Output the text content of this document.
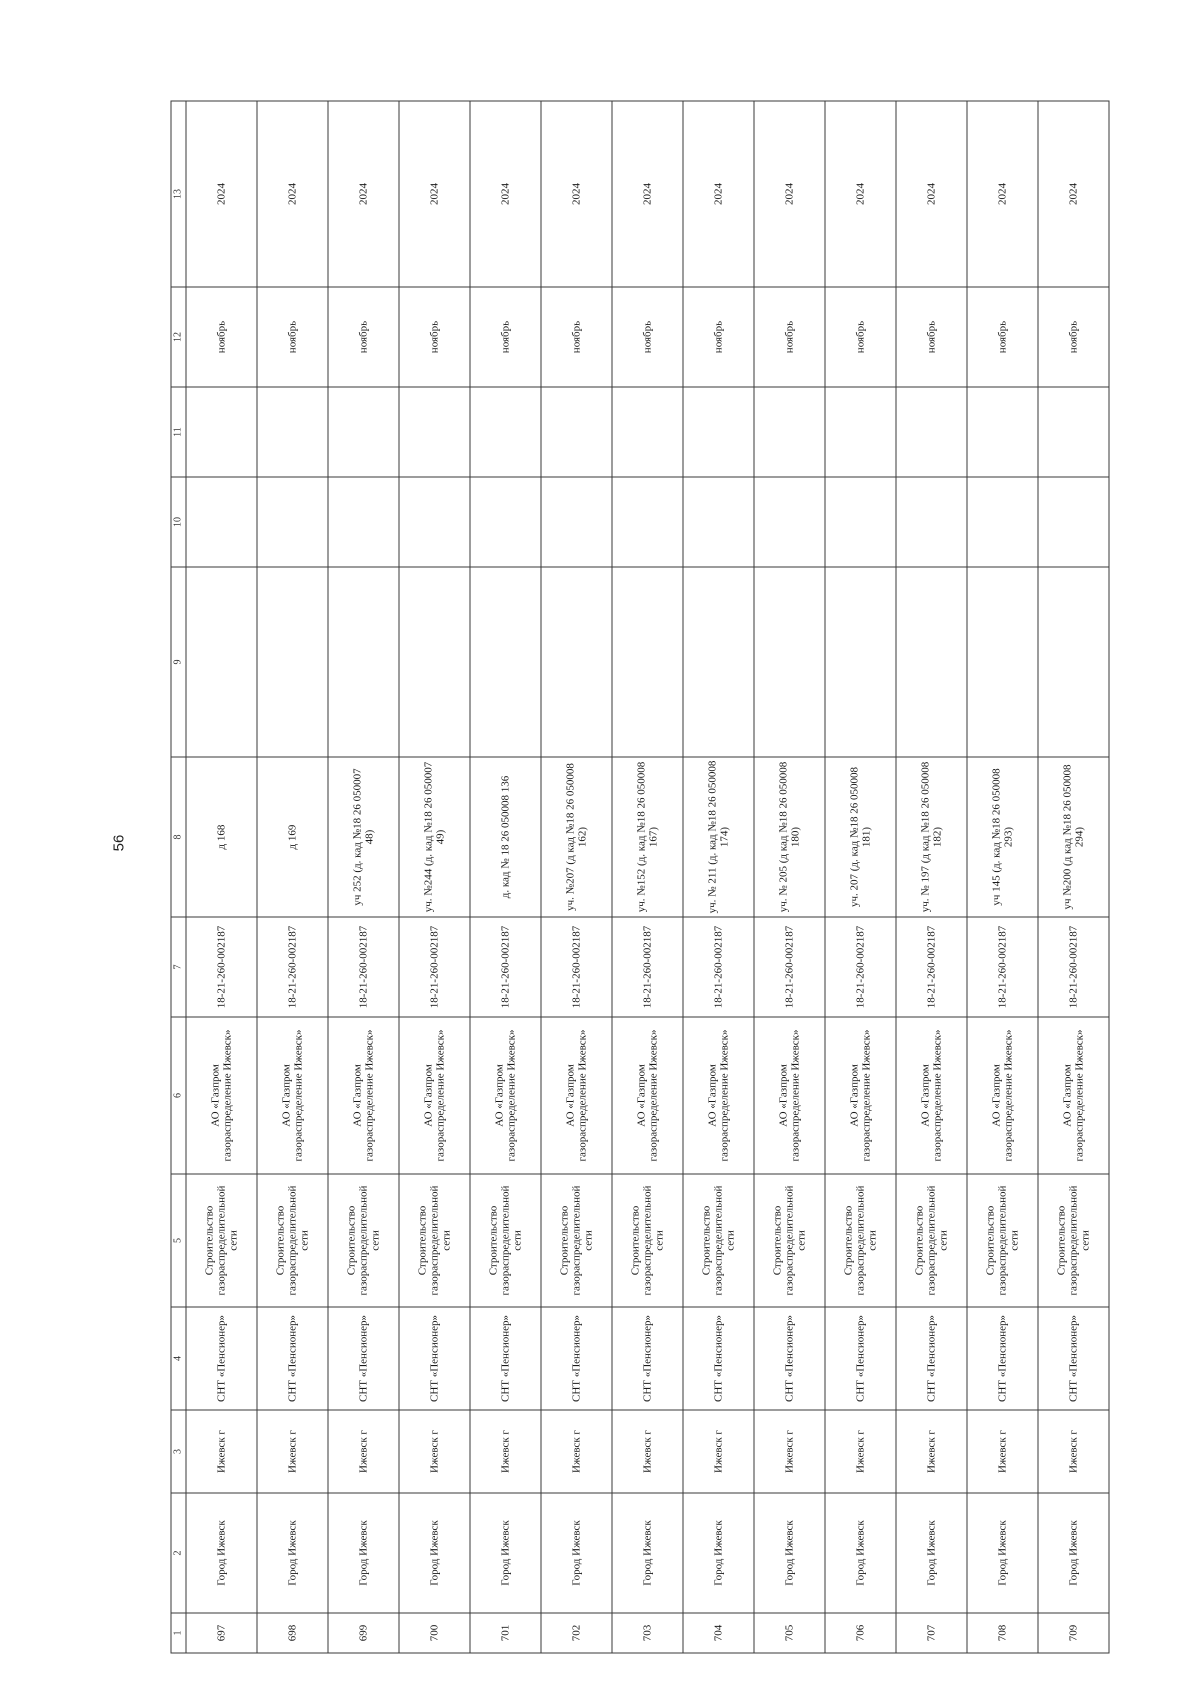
56
1	2	3	4	5	6	7	8	9	10	11	12	13
697	Город Ижевск	Ижевск г	СНТ «Пенсионер»	Строительство газораспределительной сети	АО «Газпром газораспределение Ижевск»	18-21-260-002187	д 168				ноябрь	2024
698	Город Ижевск	Ижевск г	СНТ «Пенсионер»	Строительство газораспределительной сети	АО «Газпром газораспределение Ижевск»	18-21-260-002187	д 169				ноябрь	2024
699	Город Ижевск	Ижевск г	СНТ «Пенсионер»	Строительство газораспределительной сети	АО «Газпром газораспределение Ижевск»	18-21-260-002187	уч 252 (д. кад №18 26 050007 48)				ноябрь	2024
700	Город Ижевск	Ижевск г	СНТ «Пенсионер»	Строительство газораспределительной сети	АО «Газпром газораспределение Ижевск»	18-21-260-002187	уч. №244 (д. кад №18 26 050007 49)				ноябрь	2024
701	Город Ижевск	Ижевск г	СНТ «Пенсионер»	Строительство газораспределительной сети	АО «Газпром газораспределение Ижевск»	18-21-260-002187	д. кад № 18 26 050008 136				ноябрь	2024
702	Город Ижевск	Ижевск г	СНТ «Пенсионер»	Строительство газораспределительной сети	АО «Газпром газораспределение Ижевск»	18-21-260-002187	уч. №207 (д кад №18 26 050008 162)				ноябрь	2024
703	Город Ижевск	Ижевск г	СНТ «Пенсионер»	Строительство газораспределительной сети	АО «Газпром газораспределение Ижевск»	18-21-260-002187	уч. №152 (д. кад №18 26 050008 167)				ноябрь	2024
704	Город Ижевск	Ижевск г	СНТ «Пенсионер»	Строительство газораспределительной сети	АО «Газпром газораспределение Ижевск»	18-21-260-002187	уч. № 211 (д. кад №18 26 050008 174)				ноябрь	2024
705	Город Ижевск	Ижевск г	СНТ «Пенсионер»	Строительство газораспределительной сети	АО «Газпром газораспределение Ижевск»	18-21-260-002187	уч. № 205 (д кад №18 26 050008 180)				ноябрь	2024
706	Город Ижевск	Ижевск г	СНТ «Пенсионер»	Строительство газораспределительной сети	АО «Газпром газораспределение Ижевск»	18-21-260-002187	уч. 207 (д. кад №18 26 050008 181)				ноябрь	2024
707	Город Ижевск	Ижевск г	СНТ «Пенсионер»	Строительство газораспределительной сети	АО «Газпром газораспределение Ижевск»	18-21-260-002187	уч. № 197 (д кад №18 26 050008 182)				ноябрь	2024
708	Город Ижевск	Ижевск г	СНТ «Пенсионер»	Строительство газораспределительной сети	АО «Газпром газораспределение Ижевск»	18-21-260-002187	уч 145 (д. кад №18 26 050008 293)				ноябрь	2024
709	Город Ижевск	Ижевск г	СНТ «Пенсионер»	Строительство газораспределительной сети	АО «Газпром газораспределение Ижевск»	18-21-260-002187	уч №200 (д кад №18 26 050008 294)				ноябрь	2024
